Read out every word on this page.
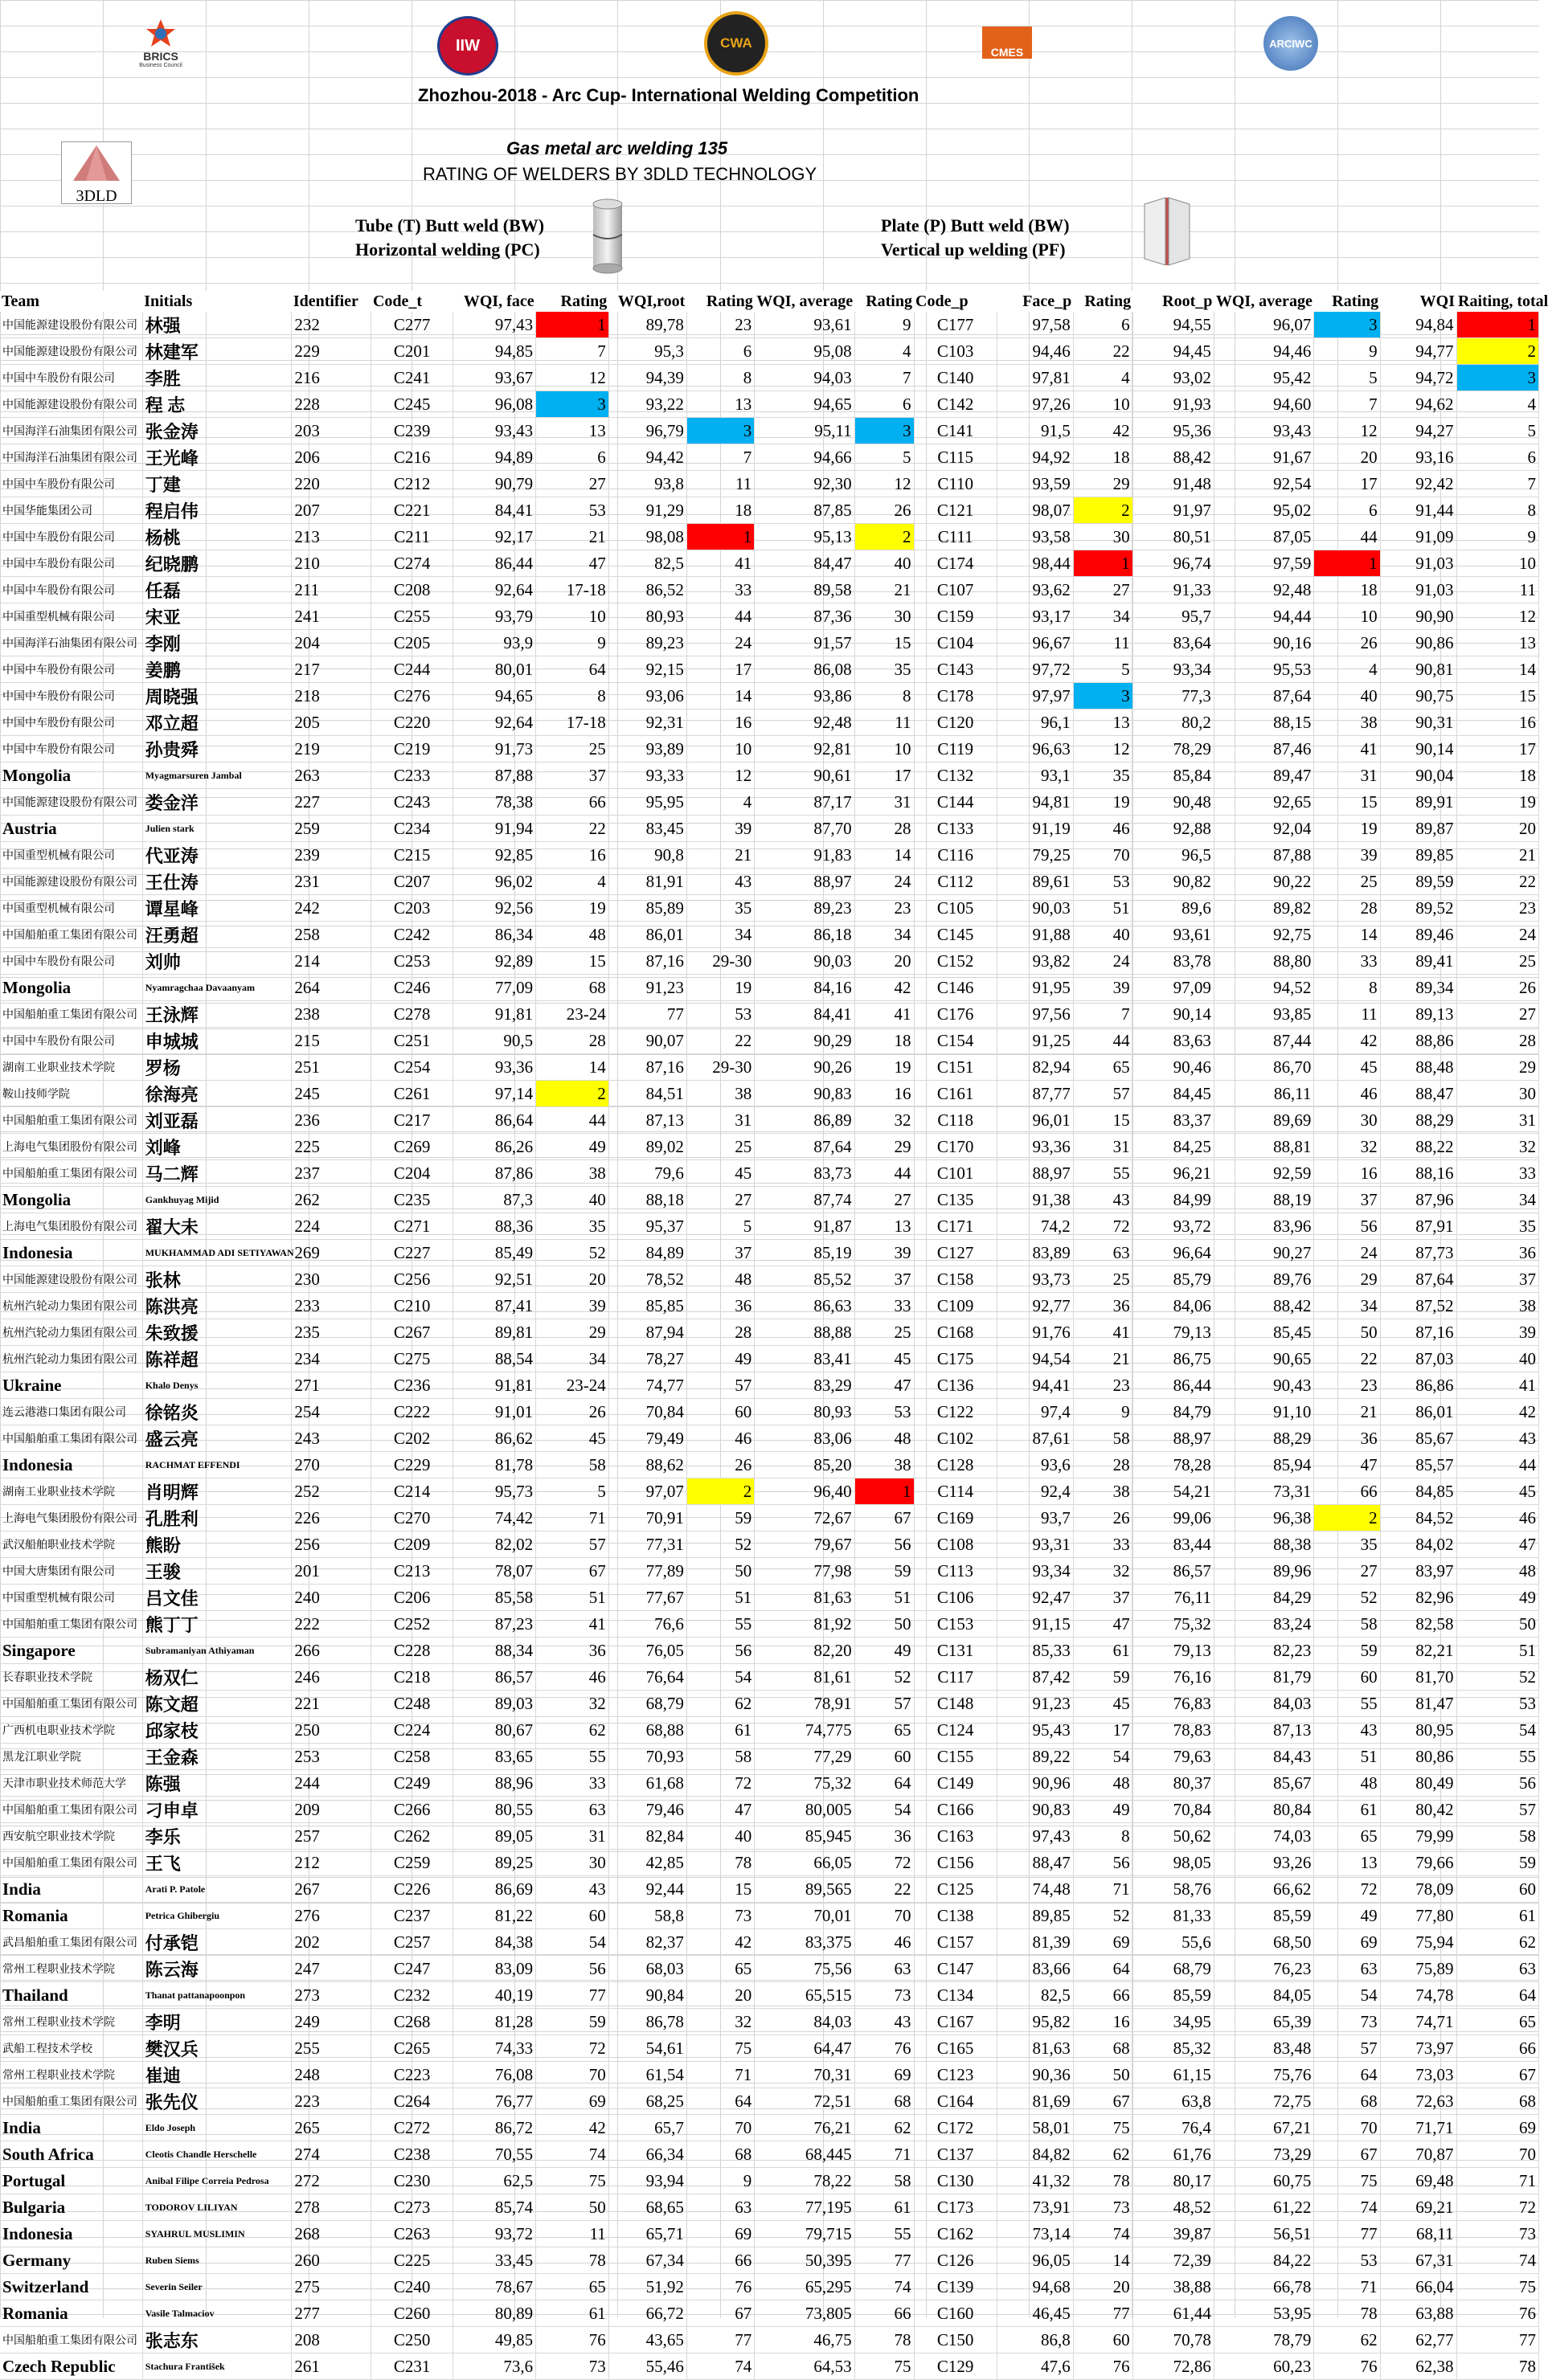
BRICS
Business Council
IIW	CWA
CMES
ARCIWC
Zhozhou-2018 - Arc Cup- International Welding Competition
3DLD
Gas metal arc welding 135
RATING OF WELDERS BY 3DLD TECHNOLOGY
Tube (T) Butt weld (BW)
Horizontal welding (PC)
Plate (P) Butt weld (BW)
Vertical up welding (PF)
Team	Initials	Identifier	Code_t	WQI, face	Rating	WQI,root	Rating	WQI, average	Rating	Code_p	Face_p	Rating	Root_p	WQI, average	Rating	WQI	Raiting, total
中国能源建设股份有限公司	林强	232	C277	97,43	1	89,78	23	93,61	9	C177	97,58	6	94,55	96,07	3	94,84	1
中国能源建设股份有限公司	林建军	229	C201	94,85	7	95,3	6	95,08	4	C103	94,46	22	94,45	94,46	9	94,77	2
中国中车股份有限公司	李胜	216	C241	93,67	12	94,39	8	94,03	7	C140	97,81	4	93,02	95,42	5	94,72	3
中国能源建设股份有限公司	程 志	228	C245	96,08	3	93,22	13	94,65	6	C142	97,26	10	91,93	94,60	7	94,62	4
中国海洋石油集团有限公司	张金涛	203	C239	93,43	13	96,79	3	95,11	3	C141	91,5	42	95,36	93,43	12	94,27	5
中国海洋石油集团有限公司	王光峰	206	C216	94,89	6	94,42	7	94,66	5	C115	94,92	18	88,42	91,67	20	93,16	6
中国中车股份有限公司	丁建	220	C212	90,79	27	93,8	11	92,30	12	C110	93,59	29	91,48	92,54	17	92,42	7
中国华能集团公司	程启伟	207	C221	84,41	53	91,29	18	87,85	26	C121	98,07	2	91,97	95,02	6	91,44	8
中国中车股份有限公司	杨桃	213	C211	92,17	21	98,08	1	95,13	2	C111	93,58	30	80,51	87,05	44	91,09	9
中国中车股份有限公司	纪晓鹏	210	C274	86,44	47	82,5	41	84,47	40	C174	98,44	1	96,74	97,59	1	91,03	10
中国中车股份有限公司	任磊	211	C208	92,64	17-18	86,52	33	89,58	21	C107	93,62	27	91,33	92,48	18	91,03	11
中国重型机械有限公司	宋亚	241	C255	93,79	10	80,93	44	87,36	30	C159	93,17	34	95,7	94,44	10	90,90	12
中国海洋石油集团有限公司	李刚	204	C205	93,9	9	89,23	24	91,57	15	C104	96,67	11	83,64	90,16	26	90,86	13
中国中车股份有限公司	姜鹏	217	C244	80,01	64	92,15	17	86,08	35	C143	97,72	5	93,34	95,53	4	90,81	14
中国中车股份有限公司	周晓强	218	C276	94,65	8	93,06	14	93,86	8	C178	97,97	3	77,3	87,64	40	90,75	15
中国中车股份有限公司	邓立超	205	C220	92,64	17-18	92,31	16	92,48	11	C120	96,1	13	80,2	88,15	38	90,31	16
中国中车股份有限公司	孙贵舜	219	C219	91,73	25	93,89	10	92,81	10	C119	96,63	12	78,29	87,46	41	90,14	17
Mongolia	Myagmarsuren Jambal	263	C233	87,88	37	93,33	12	90,61	17	C132	93,1	35	85,84	89,47	31	90,04	18
中国能源建设股份有限公司	娄金洋	227	C243	78,38	66	95,95	4	87,17	31	C144	94,81	19	90,48	92,65	15	89,91	19
Austria	Julien stark	259	C234	91,94	22	83,45	39	87,70	28	C133	91,19	46	92,88	92,04	19	89,87	20
中国重型机械有限公司	代亚涛	239	C215	92,85	16	90,8	21	91,83	14	C116	79,25	70	96,5	87,88	39	89,85	21
中国能源建设股份有限公司	王仕涛	231	C207	96,02	4	81,91	43	88,97	24	C112	89,61	53	90,82	90,22	25	89,59	22
中国重型机械有限公司	谭星峰	242	C203	92,56	19	85,89	35	89,23	23	C105	90,03	51	89,6	89,82	28	89,52	23
中国船舶重工集团有限公司	汪勇超	258	C242	86,34	48	86,01	34	86,18	34	C145	91,88	40	93,61	92,75	14	89,46	24
中国中车股份有限公司	刘帅	214	C253	92,89	15	87,16	29-30	90,03	20	C152	93,82	24	83,78	88,80	33	89,41	25
Mongolia	Nyamragchaa Davaanyam	264	C246	77,09	68	91,23	19	84,16	42	C146	91,95	39	97,09	94,52	8	89,34	26
中国船舶重工集团有限公司	王泳辉	238	C278	91,81	23-24	77	53	84,41	41	C176	97,56	7	90,14	93,85	11	89,13	27
中国中车股份有限公司	申城城	215	C251	90,5	28	90,07	22	90,29	18	C154	91,25	44	83,63	87,44	42	88,86	28
湖南工业职业技术学院	罗杨	251	C254	93,36	14	87,16	29-30	90,26	19	C151	82,94	65	90,46	86,70	45	88,48	29
鞍山技师学院	徐海亮	245	C261	97,14	2	84,51	38	90,83	16	C161	87,77	57	84,45	86,11	46	88,47	30
中国船舶重工集团有限公司	刘亚磊	236	C217	86,64	44	87,13	31	86,89	32	C118	96,01	15	83,37	89,69	30	88,29	31
上海电气集团股份有限公司	刘峰	225	C269	86,26	49	89,02	25	87,64	29	C170	93,36	31	84,25	88,81	32	88,22	32
中国船舶重工集团有限公司	马二辉	237	C204	87,86	38	79,6	45	83,73	44	C101	88,97	55	96,21	92,59	16	88,16	33
Mongolia	Gankhuyag Mijid	262	C235	87,3	40	88,18	27	87,74	27	C135	91,38	43	84,99	88,19	37	87,96	34
上海电气集团股份有限公司	翟大未	224	C271	88,36	35	95,37	5	91,87	13	C171	74,2	72	93,72	83,96	56	87,91	35
Indonesia	MUKHAMMAD ADI SETIYAWAN	269	C227	85,49	52	84,89	37	85,19	39	C127	83,89	63	96,64	90,27	24	87,73	36
中国能源建设股份有限公司	张林	230	C256	92,51	20	78,52	48	85,52	37	C158	93,73	25	85,79	89,76	29	87,64	37
杭州汽轮动力集团有限公司	陈洪亮	233	C210	87,41	39	85,85	36	86,63	33	C109	92,77	36	84,06	88,42	34	87,52	38
杭州汽轮动力集团有限公司	朱致援	235	C267	89,81	29	87,94	28	88,88	25	C168	91,76	41	79,13	85,45	50	87,16	39
杭州汽轮动力集团有限公司	陈祥超	234	C275	88,54	34	78,27	49	83,41	45	C175	94,54	21	86,75	90,65	22	87,03	40
Ukraine	Khalo Denys	271	C236	91,81	23-24	74,77	57	83,29	47	C136	94,41	23	86,44	90,43	23	86,86	41
连云港港口集团有限公司	徐铭炎	254	C222	91,01	26	70,84	60	80,93	53	C122	97,4	9	84,79	91,10	21	86,01	42
中国船舶重工集团有限公司	盛云亮	243	C202	86,62	45	79,49	46	83,06	48	C102	87,61	58	88,97	88,29	36	85,67	43
Indonesia	RACHMAT EFFENDI	270	C229	81,78	58	88,62	26	85,20	38	C128	93,6	28	78,28	85,94	47	85,57	44
湖南工业职业技术学院	肖明辉	252	C214	95,73	5	97,07	2	96,40	1	C114	92,4	38	54,21	73,31	66	84,85	45
上海电气集团股份有限公司	孔胜利	226	C270	74,42	71	70,91	59	72,67	67	C169	93,7	26	99,06	96,38	2	84,52	46
武汉船舶职业技术学院	熊盼	256	C209	82,02	57	77,31	52	79,67	56	C108	93,31	33	83,44	88,38	35	84,02	47
中国大唐集团有限公司	王骏	201	C213	78,07	67	77,89	50	77,98	59	C113	93,34	32	86,57	89,96	27	83,97	48
中国重型机械有限公司	吕文佳	240	C206	85,58	51	77,67	51	81,63	51	C106	92,47	37	76,11	84,29	52	82,96	49
中国船舶重工集团有限公司	熊丁丁	222	C252	87,23	41	76,6	55	81,92	50	C153	91,15	47	75,32	83,24	58	82,58	50
Singapore	Subramaniyan Athiyaman	266	C228	88,34	36	76,05	56	82,20	49	C131	85,33	61	79,13	82,23	59	82,21	51
长春职业技术学院	杨双仁	246	C218	86,57	46	76,64	54	81,61	52	C117	87,42	59	76,16	81,79	60	81,70	52
中国船舶重工集团有限公司	陈文超	221	C248	89,03	32	68,79	62	78,91	57	C148	91,23	45	76,83	84,03	55	81,47	53
广西机电职业技术学院	邱家枝	250	C224	80,67	62	68,88	61	74,775	65	C124	95,43	17	78,83	87,13	43	80,95	54
黑龙江职业学院	王金森	253	C258	83,65	55	70,93	58	77,29	60	C155	89,22	54	79,63	84,43	51	80,86	55
天津市职业技术师范大学	陈强	244	C249	88,96	33	61,68	72	75,32	64	C149	90,96	48	80,37	85,67	48	80,49	56
中国船舶重工集团有限公司	刁申卓	209	C266	80,55	63	79,46	47	80,005	54	C166	90,83	49	70,84	80,84	61	80,42	57
西安航空职业技术学院	李乐	257	C262	89,05	31	82,84	40	85,945	36	C163	97,43	8	50,62	74,03	65	79,99	58
中国船舶重工集团有限公司	王飞	212	C259	89,25	30	42,85	78	66,05	72	C156	88,47	56	98,05	93,26	13	79,66	59
India	Arati P. Patole	267	C226	86,69	43	92,44	15	89,565	22	C125	74,48	71	58,76	66,62	72	78,09	60
Romania	Petrica Ghibergiu	276	C237	81,22	60	58,8	73	70,01	70	C138	89,85	52	81,33	85,59	49	77,80	61
武昌船舶重工集团有限公司	付承铠	202	C257	84,38	54	82,37	42	83,375	46	C157	81,39	69	55,6	68,50	69	75,94	62
常州工程职业技术学院	陈云海	247	C247	83,09	56	68,03	65	75,56	63	C147	83,66	64	68,79	76,23	63	75,89	63
Thailand	Thanat pattanapoonpon	273	C232	40,19	77	90,84	20	65,515	73	C134	82,5	66	85,59	84,05	54	74,78	64
常州工程职业技术学院	李明	249	C268	81,28	59	86,78	32	84,03	43	C167	95,82	16	34,95	65,39	73	74,71	65
武船工程技术学校	樊汉兵	255	C265	74,33	72	54,61	75	64,47	76	C165	81,63	68	85,32	83,48	57	73,97	66
常州工程职业技术学院	崔迪	248	C223	76,08	70	61,54	71	70,31	69	C123	90,36	50	61,15	75,76	64	73,03	67
中国船舶重工集团有限公司	张先仪	223	C264	76,77	69	68,25	64	72,51	68	C164	81,69	67	63,8	72,75	68	72,63	68
India	Eldo Joseph	265	C272	86,72	42	65,7	70	76,21	62	C172	58,01	75	76,4	67,21	70	71,71	69
South Africa	Cleotis Chandle Herschelle	274	C238	70,55	74	66,34	68	68,445	71	C137	84,82	62	61,76	73,29	67	70,87	70
Portugal	Anibal Filipe Correia Pedrosa	272	C230	62,5	75	93,94	9	78,22	58	C130	41,32	78	80,17	60,75	75	69,48	71
Bulgaria	TODOROV LILIYAN	278	C273	85,74	50	68,65	63	77,195	61	C173	73,91	73	48,52	61,22	74	69,21	72
Indonesia	SYAHRUL MUSLIMIN	268	C263	93,72	11	65,71	69	79,715	55	C162	73,14	74	39,87	56,51	77	68,11	73
Germany	Ruben Siems	260	C225	33,45	78	67,34	66	50,395	77	C126	96,05	14	72,39	84,22	53	67,31	74
Switzerland	Severin Seiler	275	C240	78,67	65	51,92	76	65,295	74	C139	94,68	20	38,88	66,78	71	66,04	75
Romania	Vasile Talmaciov	277	C260	80,89	61	66,72	67	73,805	66	C160	46,45	77	61,44	53,95	78	63,88	76
中国船舶重工集团有限公司	张志东	208	C250	49,85	76	43,65	77	46,75	78	C150	86,8	60	70,78	78,79	62	62,77	77
Czech Republic	Stachura František	261	C231	73,6	73	55,46	74	64,53	75	C129	47,6	76	72,86	60,23	76	62,38	78
